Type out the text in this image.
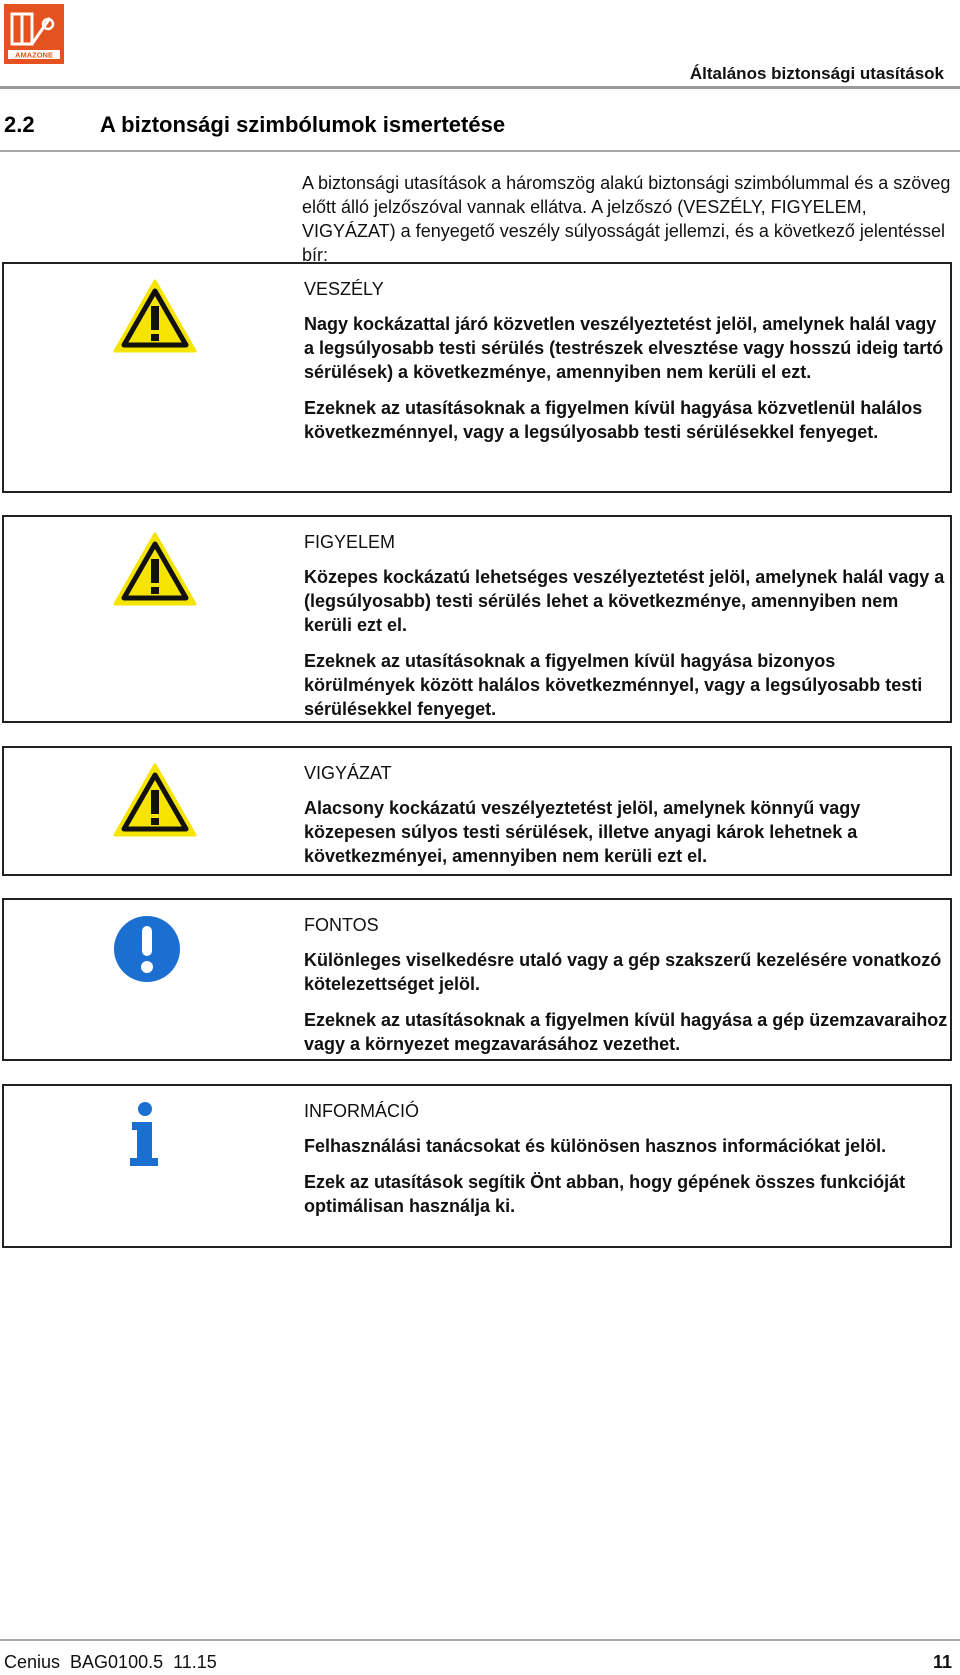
AMAZONE
Általános biztonsági utasítások
2.2	A biztonsági szimbólumok ismertetése
A biztonsági utasítások a háromszög alakú biztonsági szimbólummal és a szöveg előtt álló jelzőszóval vannak ellátva. A jelzőszó (VESZÉLY, FIGYELEM, VIGYÁZAT) a fenyegető veszély súlyosságát jellemzi, és a következő jelentéssel bír:
VESZÉLY
Nagy kockázattal járó közvetlen veszélyeztetést jelöl, amelynek halál vagy a legsúlyosabb testi sérülés (testrészek elvesztése vagy hosszú ideig tartó sérülések) a következménye, amennyiben nem kerüli el ezt.
Ezeknek az utasításoknak a figyelmen kívül hagyása közvetlenül halálos következménnyel, vagy a legsúlyosabb testi sérülésekkel fenyeget.
FIGYELEM
Közepes kockázatú lehetséges veszélyeztetést jelöl, amelynek halál vagy a (legsúlyosabb) testi sérülés lehet a következménye, amennyiben nem kerüli ezt el.
Ezeknek az utasításoknak a figyelmen kívül hagyása bizonyos körülmények között halálos következménnyel, vagy a legsúlyosabb testi sérülésekkel fenyeget.
VIGYÁZAT
Alacsony kockázatú veszélyeztetést jelöl, amelynek könnyű vagy közepesen súlyos testi sérülések, illetve anyagi károk lehetnek a következményei, amennyiben nem kerüli ezt el.
FONTOS
Különleges viselkedésre utaló vagy a gép szakszerű kezelésére vonatkozó kötelezettséget jelöl.
Ezeknek az utasításoknak a figyelmen kívül hagyása a gép üzemzavaraihoz vagy a környezet megzavarásához vezethet.
INFORMÁCIÓ
Felhasználási tanácsokat és különösen hasznos információkat jelöl.
Ezek az utasítások segítik Önt abban, hogy gépének összes funkcióját optimálisan használja ki.
Cenius  BAG0100.5  11.15	11
